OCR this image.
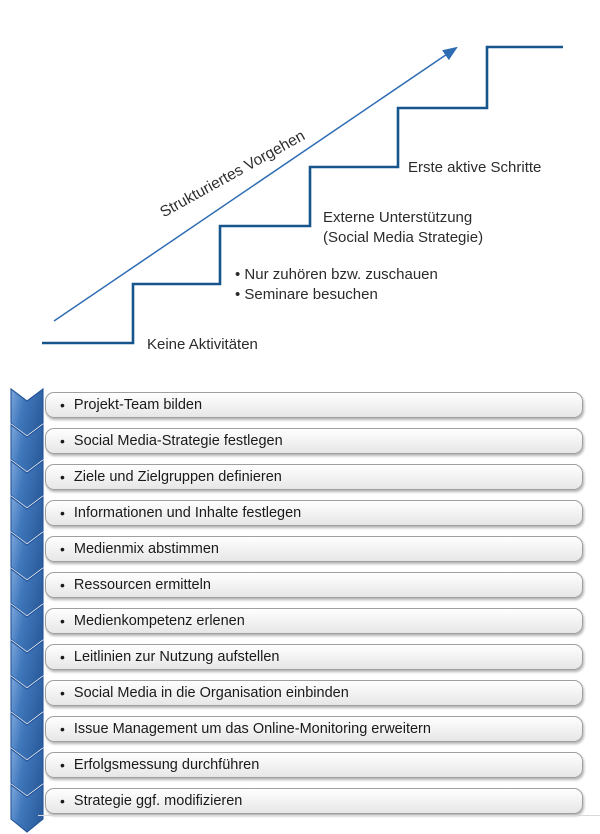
Strukturiertes Vorgehen
Keine Aktivitäten
• Nur zuhören bzw. zuschauen
• Seminare besuchen
Externe Unterstützung
(Social Media Strategie)
Erste aktive Schritte
• Projekt-Team bilden
• Social Media-Strategie festlegen
• Ziele und Zielgruppen definieren
• Informationen und Inhalte festlegen
• Medienmix abstimmen
• Ressourcen ermitteln
• Medienkompetenz erlenen
• Leitlinien zur Nutzung aufstellen
• Social Media in die Organisation einbinden
• Issue Management um das Online-Monitoring erweitern
• Erfolgsmessung durchführen
• Strategie ggf. modifizieren
